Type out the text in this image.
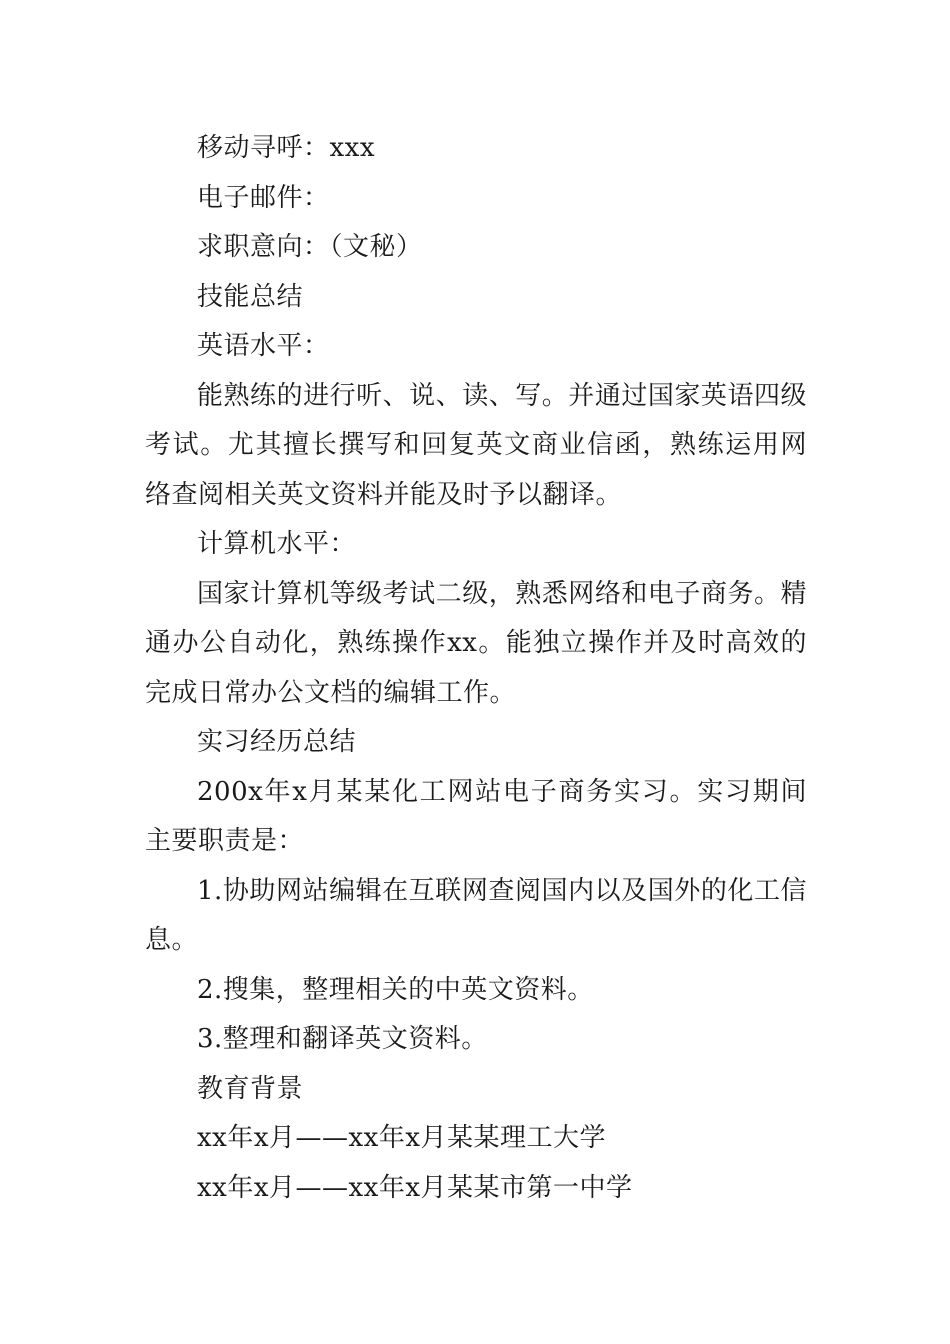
移动寻呼：xxx

电子邮件：

求职意向：（文秘）

技能总结

英语水平：

能熟练的进行听、说、读、写。并通过国家英语四级考试。尤其擅长撰写和回复英文商业信函，熟练运用网络查阅相关英文资料并能及时予以翻译。

计算机水平：

国家计算机等级考试二级，熟悉网络和电子商务。精通办公自动化，熟练操作xx。能独立操作并及时高效的完成日常办公文档的编辑工作。

实习经历总结

200x年x月某某化工网站电子商务实习。实习期间主要职责是：

1.协助网站编辑在互联网查阅国内以及国外的化工信息。

2.搜集，整理相关的中英文资料。

3.整理和翻译英文资料。

教育背景

xx年x月——xx年x月某某理工大学

xx年x月——xx年x月某某市第一中学
